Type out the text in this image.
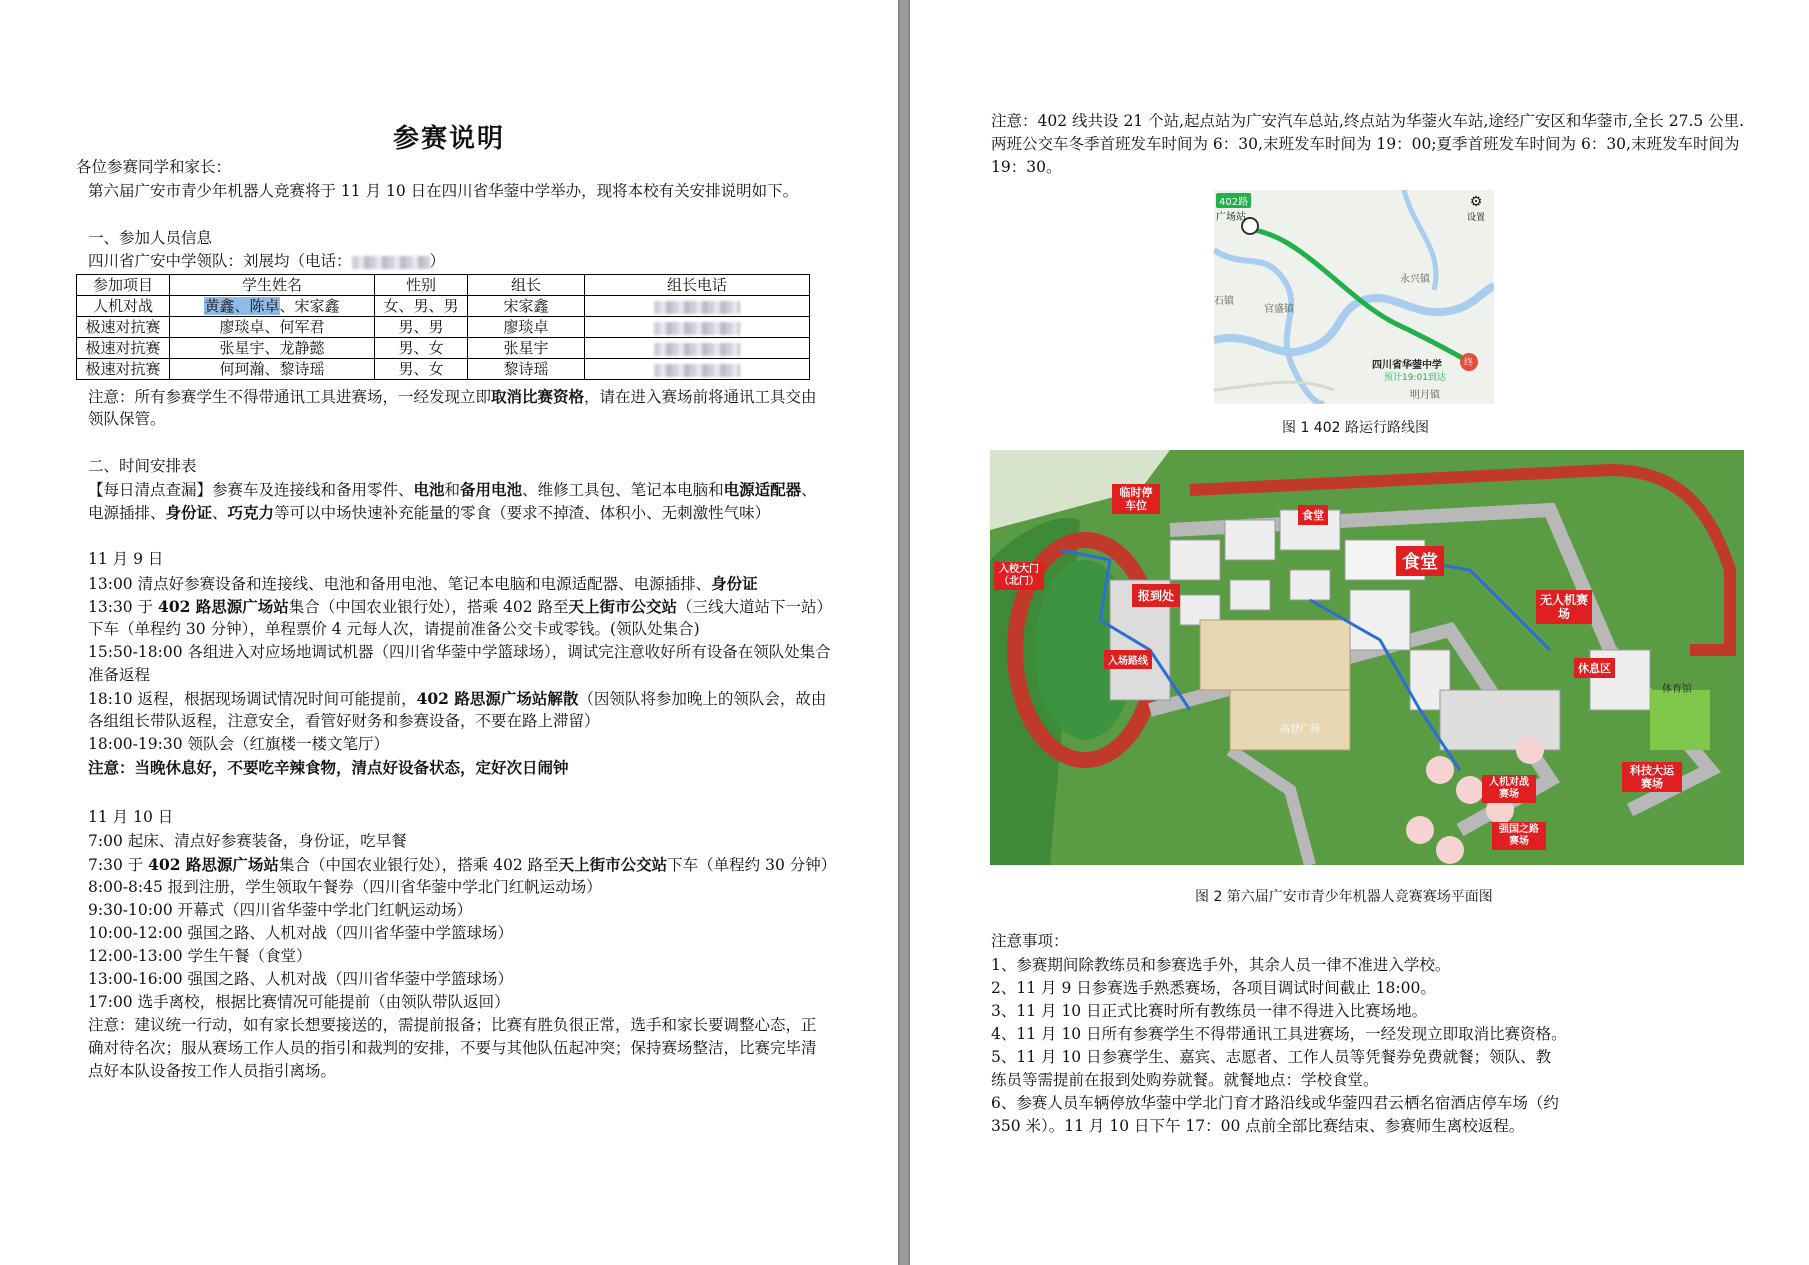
参赛说明
各位参赛同学和家长：
第六届广安市青少年机器人竞赛将于 11 月 10 日在四川省华蓥中学举办，现将本校有关安排说明如下。
一、参加人员信息
四川省广安中学领队：刘展均（电话：	）
参加项目	学生姓名	性别	组长	组长电话
人机对战	黄鑫、陈卓、宋家鑫	女、男、男	宋家鑫	
极速对抗赛	廖琰卓、何军君	男、男	廖琰卓	
极速对抗赛	张星宇、龙静懿	男、女	张星宇	
极速对抗赛	何珂瀚、黎诗瑶	男、女	黎诗瑶	
注意：所有参赛学生不得带通讯工具进赛场，一经发现立即取消比赛资格，请在进入赛场前将通讯工具交由
领队保管。
二、时间安排表
【每日清点查漏】参赛车及连接线和备用零件、电池和备用电池、维修工具包、笔记本电脑和电源适配器、
电源插排、身份证、巧克力等可以中场快速补充能量的零食（要求不掉渣、体积小、无刺激性气味）
11 月 9 日
13:00 清点好参赛设备和连接线、电池和备用电池、笔记本电脑和电源适配器、电源插排、身份证
13:30 于 402 路思源广场站集合（中国农业银行处），搭乘 402 路至天上街市公交站（三线大道站下一站）
下车（单程约 30 分钟），单程票价 4 元每人次，请提前准备公交卡或零钱。(领队处集合)
15:50-18:00 各组进入对应场地调试机器（四川省华蓥中学篮球场），调试完注意收好所有设备在领队处集合
准备返程
18:10 返程，根据现场调试情况时间可能提前，402 路思源广场站解散（因领队将参加晚上的领队会，故由
各组组长带队返程，注意安全，看管好财务和参赛设备，不要在路上滞留）
18:00-19:30 领队会（红旗楼一楼文笔厅）
注意：当晚休息好，不要吃辛辣食物，清点好设备状态，定好次日闹钟
11 月 10 日
7:00 起床、清点好参赛装备，身份证，吃早餐
7:30 于 402 路思源广场站集合（中国农业银行处），搭乘 402 路至天上街市公交站下车（单程约 30 分钟）
8:00-8:45 报到注册，学生领取午餐券（四川省华蓥中学北门红帆运动场）
9:30-10:00 开幕式（四川省华蓥中学北门红帆运动场）
10:00-12:00 强国之路、人机对战（四川省华蓥中学篮球场）
12:00-13:00 学生午餐（食堂）
13:00-16:00 强国之路、人机对战（四川省华蓥中学篮球场）
17:00 选手离校，根据比赛情况可能提前（由领队带队返回）
注意：建议统一行动，如有家长想要接送的，需提前报备；比赛有胜负很正常，选手和家长要调整心态，正
确对待名次；服从赛场工作人员的指引和裁判的安排，不要与其他队伍起冲突；保持赛场整洁，比赛完毕清
点好本队设备按工作人员指引离场。
注意：402 线共设 21 个站,起点站为广安汽车总站,终点站为华蓥火车站,途经广安区和华蓥市,全长 27.5 公里.
两班公交车冬季首班发车时间为 6：30,末班发车时间为 19：00;夏季首班发车时间为 6：30,末班发车时间为
19：30。
402路
广场站
⚙
设置
永兴镇
石镇
官盛镇
明月镇
四川省华蓥中学
预计19:01到达
终
图 1 402 路运行路线图
临时停车位
入校大门（北门）
报到处
入场路线
食堂
食堂
无人机赛场
休息区
科技大运赛场
人机对战赛场
强国之路赛场
高登广场
体育馆
图 2 第六届广安市青少年机器人竞赛赛场平面图
注意事项：
1、参赛期间除教练员和参赛选手外，其余人员一律不准进入学校。
2、11 月 9 日参赛选手熟悉赛场，各项目调试时间截止 18:00。
3、11 月 10 日正式比赛时所有教练员一律不得进入比赛场地。
4、11 月 10 日所有参赛学生不得带通讯工具进赛场，一经发现立即取消比赛资格。
5、11 月 10 日参赛学生、嘉宾、志愿者、工作人员等凭餐券免费就餐；领队、教
练员等需提前在报到处购券就餐。就餐地点：学校食堂。
6、参赛人员车辆停放华蓥中学北门育才路沿线或华蓥四君云栖名宿酒店停车场（约
350 米）。11 月 10 日下午 17：00 点前全部比赛结束、参赛师生离校返程。
